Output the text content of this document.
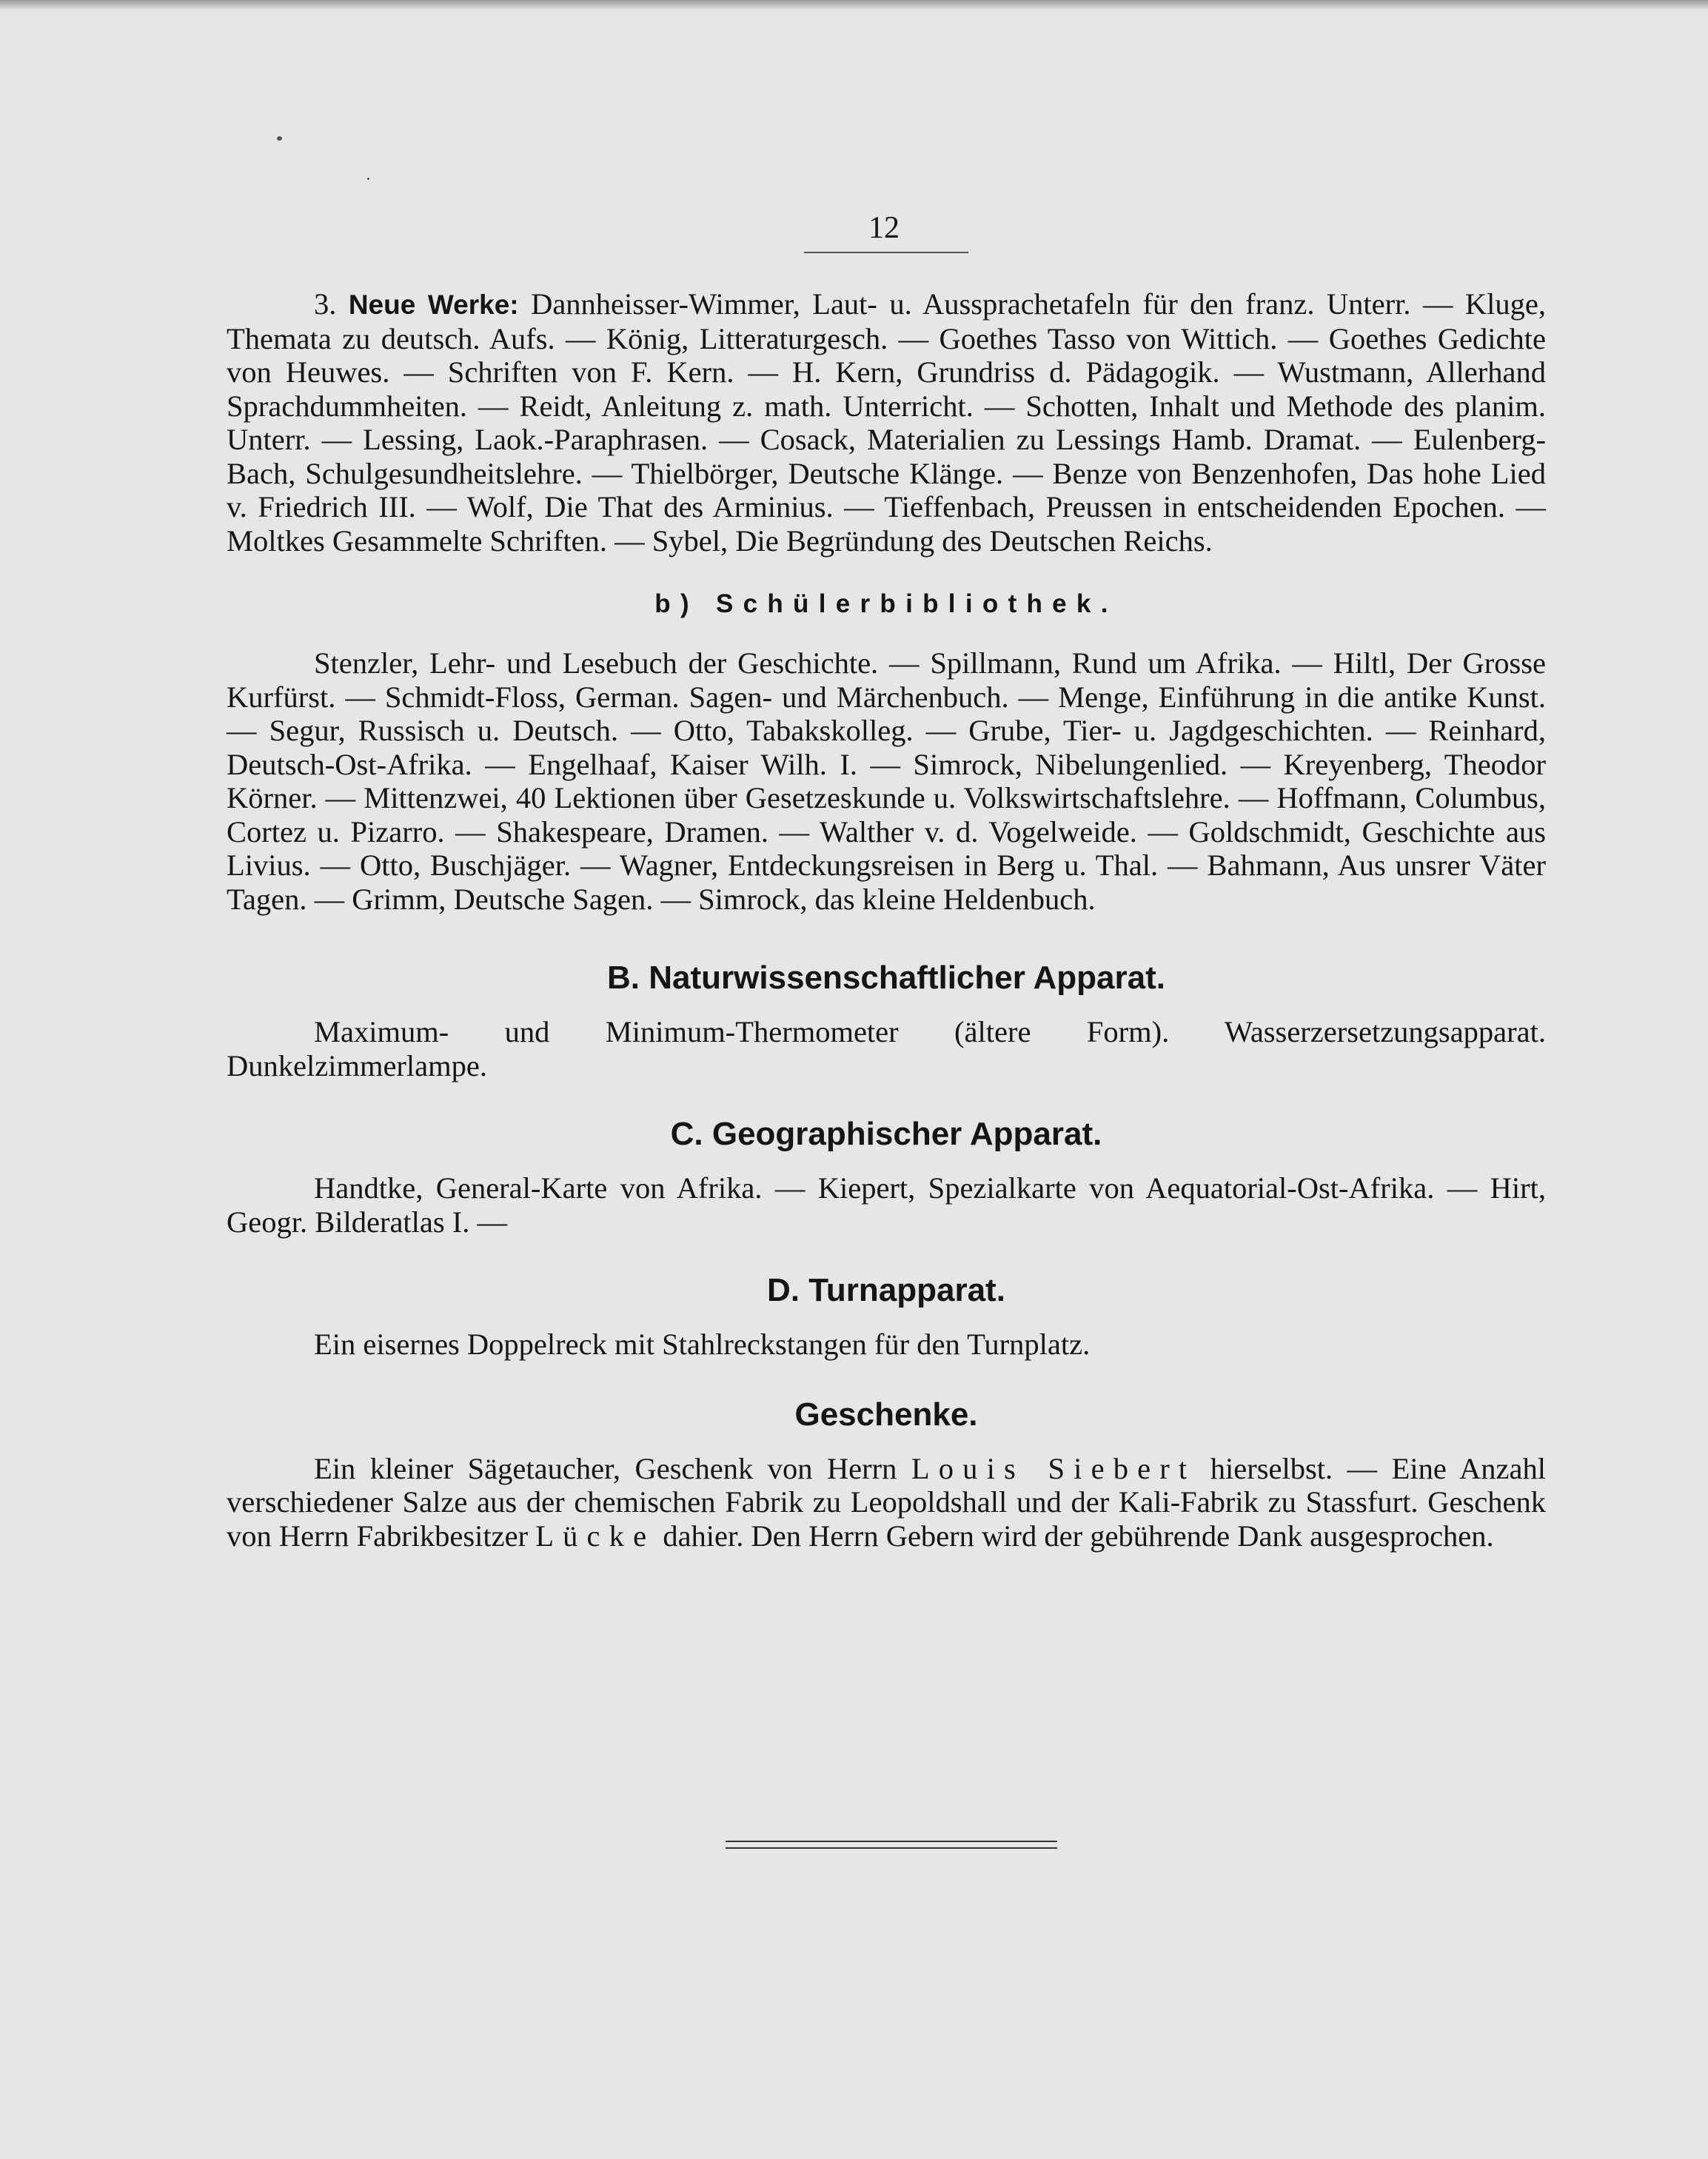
12

3. Neue Werke: Dannheisser-Wimmer, Laut- u. Aussprachetafeln für den franz. Unterr. — Kluge, Themata zu deutsch. Aufs. — König, Litteraturgesch. — Goethes Tasso von Wittich. — Goethes Gedichte von Heuwes. — Schriften von F. Kern. — H. Kern, Grundriss d. Pädagogik. — Wustmann, Allerhand Sprachdummheiten. — Reidt, Anleitung z. math. Unterricht. — Schotten, Inhalt und Methode des planim. Unterr. — Lessing, Laok.-Paraphrasen. — Cosack, Materialien zu Lessings Hamb. Dramat. — Eulenberg-Bach, Schulgesundheitslehre. — Thielbörger, Deutsche Klänge. — Benze von Benzenhofen, Das hohe Lied v. Friedrich III. — Wolf, Die That des Arminius. — Tieffenbach, Preussen in entscheidenden Epochen. — Moltkes Gesammelte Schriften. — Sybel, Die Begründung des Deutschen Reichs.

b) Schülerbibliothek.

Stenzler, Lehr- und Lesebuch der Geschichte. — Spillmann, Rund um Afrika. — Hiltl, Der Grosse Kurfürst. — Schmidt-Floss, German. Sagen- und Märchenbuch. — Menge, Einführung in die antike Kunst. — Segur, Russisch u. Deutsch. — Otto, Tabakskolleg. — Grube, Tier- u. Jagdgeschichten. — Reinhard, Deutsch-Ost-Afrika. — Engelhaaf, Kaiser Wilh. I. — Simrock, Nibelungenlied. — Kreyenberg, Theodor Körner. — Mittenzwei, 40 Lektionen über Gesetzeskunde u. Volkswirtschaftslehre. — Hoffmann, Columbus, Cortez u. Pizarro. — Shakespeare, Dramen. — Walther v. d. Vogelweide. — Goldschmidt, Geschichte aus Livius. — Otto, Buschjäger. — Wagner, Entdeckungsreisen in Berg u. Thal. — Bahmann, Aus unsrer Väter Tagen. — Grimm, Deutsche Sagen. — Simrock, das kleine Heldenbuch.

B. Naturwissenschaftlicher Apparat.

Maximum- und Minimum-Thermometer (ältere Form). Wasserzersetzungsapparat. Dunkelzimmerlampe.

C. Geographischer Apparat.

Handtke, General-Karte von Afrika. — Kiepert, Spezialkarte von Aequatorial-Ost-Afrika. — Hirt, Geogr. Bilderatlas I. —

D. Turnapparat.

Ein eisernes Doppelreck mit Stahlreckstangen für den Turnplatz.

Geschenke.

Ein kleiner Sägetaucher, Geschenk von Herrn Louis Siebert hierselbst. — Eine Anzahl verschiedener Salze aus der chemischen Fabrik zu Leopoldshall und der Kali-Fabrik zu Stassfurt. Geschenk von Herrn Fabrikbesitzer Lücke dahier. Den Herrn Gebern wird der gebührende Dank ausgesprochen.
